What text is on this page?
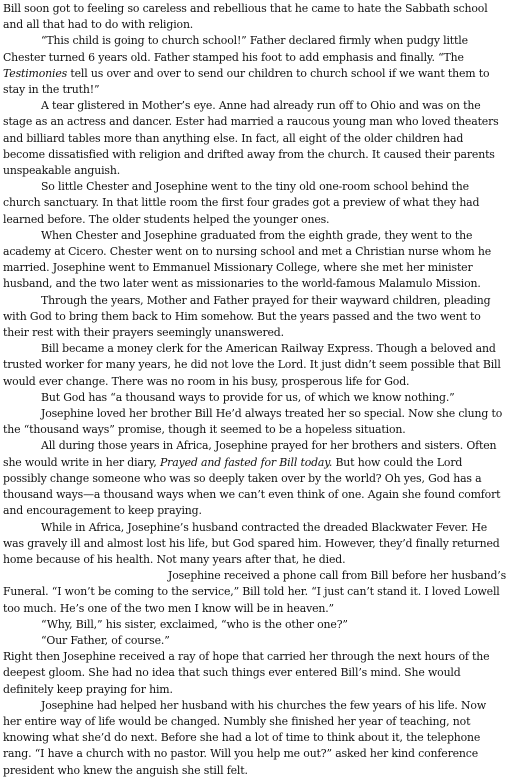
Bill soon got to feeling so careless and rebellious that he came to hate the Sabbath school and all that had to do with religion.

“This child is going to church school!” Father declared firmly when pudgy little Chester turned 6 years old. Father stamped his foot to add emphasis and finally. “The Testimonies tell us over and over to send our children to church school if we want them to stay in the truth!”

A tear glistered in Mother’s eye. Anne had already run off to Ohio and was on the stage as an actress and dancer. Ester had married a raucous young man who loved theaters and billiard tables more than anything else. In fact, all eight of the older children had become dissatisfied with religion and drifted away from the church. It caused their parents unspeakable anguish.

So little Chester and Josephine went to the tiny old one-room school behind the church sanctuary. In that little room the first four grades got a preview of what they had learned before. The older students helped the younger ones.

When Chester and Josephine graduated from the eighth grade, they went to the academy at Cicero. Chester went on to nursing school and met a Christian nurse whom he married. Josephine went to Emmanuel Missionary College, where she met her minister husband, and the two later went as missionaries to the world-famous Malamulo Mission.

Through the years, Mother and Father prayed for their wayward children, pleading with God to bring them back to Him somehow. But the years passed and the two went to their rest with their prayers seemingly unanswered.

Bill became a money clerk for the American Railway Express. Though a beloved and trusted worker for many years, he did not love the Lord. It just didn’t seem possible that Bill would ever change. There was no room in his busy, prosperous life for God.

But God has “a thousand ways to provide for us, of which we know nothing.”

Josephine loved her brother Bill He’d always treated her so special. Now she clung to the “thousand ways” promise, though it seemed to be a hopeless situation.

All during those years in Africa, Josephine prayed for her brothers and sisters. Often she would write in her diary, Prayed and fasted for Bill today. But how could the Lord possibly change someone who was so deeply taken over by the world? Oh yes, God has a thousand ways—a thousand ways when we can’t even think of one. Again she found comfort and encouragement to keep praying.

While in Africa, Josephine’s husband contracted the dreaded Blackwater Fever. He was gravely ill and almost lost his life, but God spared him. However, they’d finally returned home because of his health. Not many years after that, he died.

Josephine received a phone call from Bill before her husband’s Funeral. “I won’t be coming to the service,” Bill told her. “I just can’t stand it. I loved Lowell too much. He’s one of the two men I know will be in heaven.”

“Why, Bill,” his sister, exclaimed, “who is the other one?”

“Our Father, of course.”

Right then Josephine received a ray of hope that carried her through the next hours of the deepest gloom. She had no idea that such things ever entered Bill’s mind. She would definitely keep praying for him.

Josephine had helped her husband with his churches the few years of his life. Now her entire way of life would be changed. Numbly she finished her year of teaching, not knowing what she’d do next. Before she had a lot of time to think about it, the telephone rang. “I have a church with no pastor. Will you help me out?” asked her kind conference president who knew the anguish she still felt.
